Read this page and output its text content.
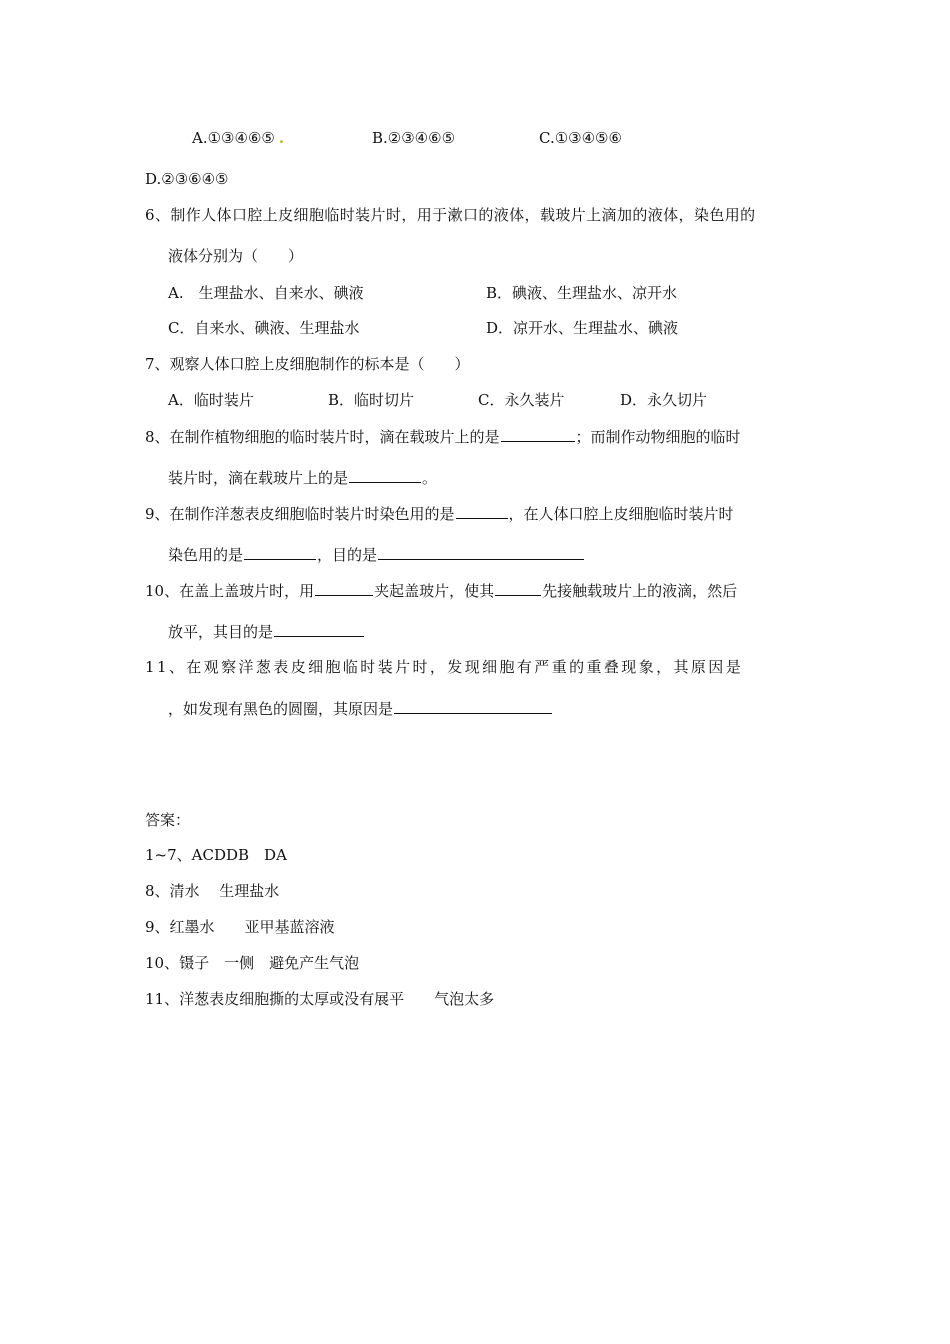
A.①③④⑥⑤ .	B.②③④⑥⑤	C.①③④⑤⑥
D.②③⑥④⑤
6、制作人体口腔上皮细胞临时装片时，用于漱口的液体，载玻片上滴加的液体，染色用的
液体分别为（　　）
A.　生理盐水、自来水、碘液	B．碘液、生理盐水、凉开水
C．自来水、碘液、生理盐水	D．凉开水、生理盐水、碘液
7、观察人体口腔上皮细胞制作的标本是（　　）
A．临时装片	B．临时切片	C．永久装片	D．永久切片
8、在制作植物细胞的临时装片时，滴在载玻片上的是	；而制作动物细胞的临时
装片时，滴在载玻片上的是	。
9、在制作洋葱表皮细胞临时装片时染色用的是	，在人体口腔上皮细胞临时装片时
染色用的是	，目的是
10、在盖上盖玻片时，用	夹起盖玻片，使其	先接触载玻片上的液滴，然后
放平，其目的是
11、在观察洋葱表皮细胞临时装片时，发现细胞有严重的重叠现象，其原因是
，如发现有黑色的圆圈，其原因是
答案：
1~7、ACDDB　DA
8、清水　 生理盐水
9、红墨水　　亚甲基蓝溶液
10、镊子　一侧　避免产生气泡
11、洋葱表皮细胞撕的太厚或没有展平　　气泡太多
